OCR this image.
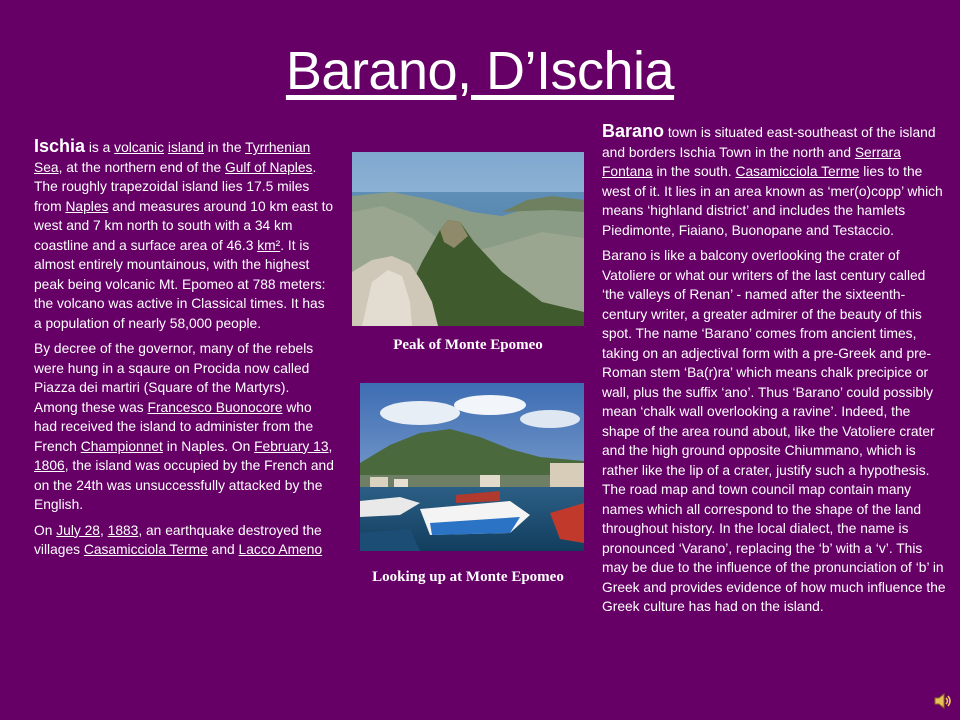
Barano, D’Ischia

Ischia is a volcanic island in the Tyrrhenian Sea, at the northern end of the Gulf of Naples. The roughly trapezoidal island lies 17.5 miles from Naples and measures around 10 km east to west and 7 km north to south with a 34 km coastline and a surface area of 46.3 km². It is almost entirely mountainous, with the highest peak being volcanic Mt. Epomeo at 788 meters: the volcano was active in Classical times. It has a population of nearly 58,000 people.

By decree of the governor, many of the rebels were hung in a sqaure on Procida now called Piazza dei martiri (Square of the Martyrs). Among these was Francesco Buonocore who had received the island to administer from the French Championnet in Naples. On February 13, 1806, the island was occupied by the French and on the 24th was unsuccessfully attacked by the English.

On July 28, 1883, an earthquake destroyed the villages Casamicciola Terme and Lacco Ameno

Peak of Monte Epomeo
Looking up at Monte Epomeo

Barano town is situated east-southeast of the island and borders Ischia Town in the north and Serrara Fontana in the south. Casamicciola Terme lies to the west of it. It lies in an area known as ‘mer(o)copp’ which means ‘highland district’ and includes the hamlets Piedimonte, Fiaiano, Buonopane and Testaccio.

Barano is like a balcony overlooking the crater of Vatoliere or what our writers of the last century called ‘the valleys of Renan’ - named after the sixteenth-century writer, a greater admirer of the beauty of this spot. The name ‘Barano’ comes from ancient times, taking on an adjectival form with a pre-Greek and pre-Roman stem ‘Ba(r)ra’ which means chalk precipice or wall, plus the suffix ‘ano’. Thus ‘Barano’ could possibly mean ‘chalk wall overlooking a ravine’. Indeed, the shape of the area round about, like the Vatoliere crater and the high ground opposite Chiummano, which is rather like the lip of a crater, justify such a hypothesis. The road map and town council map contain many names which all correspond to the shape of the land throughout history. In the local dialect, the name is pronounced ‘Varano’, replacing the ‘b’ with a ‘v’. This may be due to the influence of the pronunciation of ‘b’ in Greek and provides evidence of how much influence the Greek culture has had on the island.
